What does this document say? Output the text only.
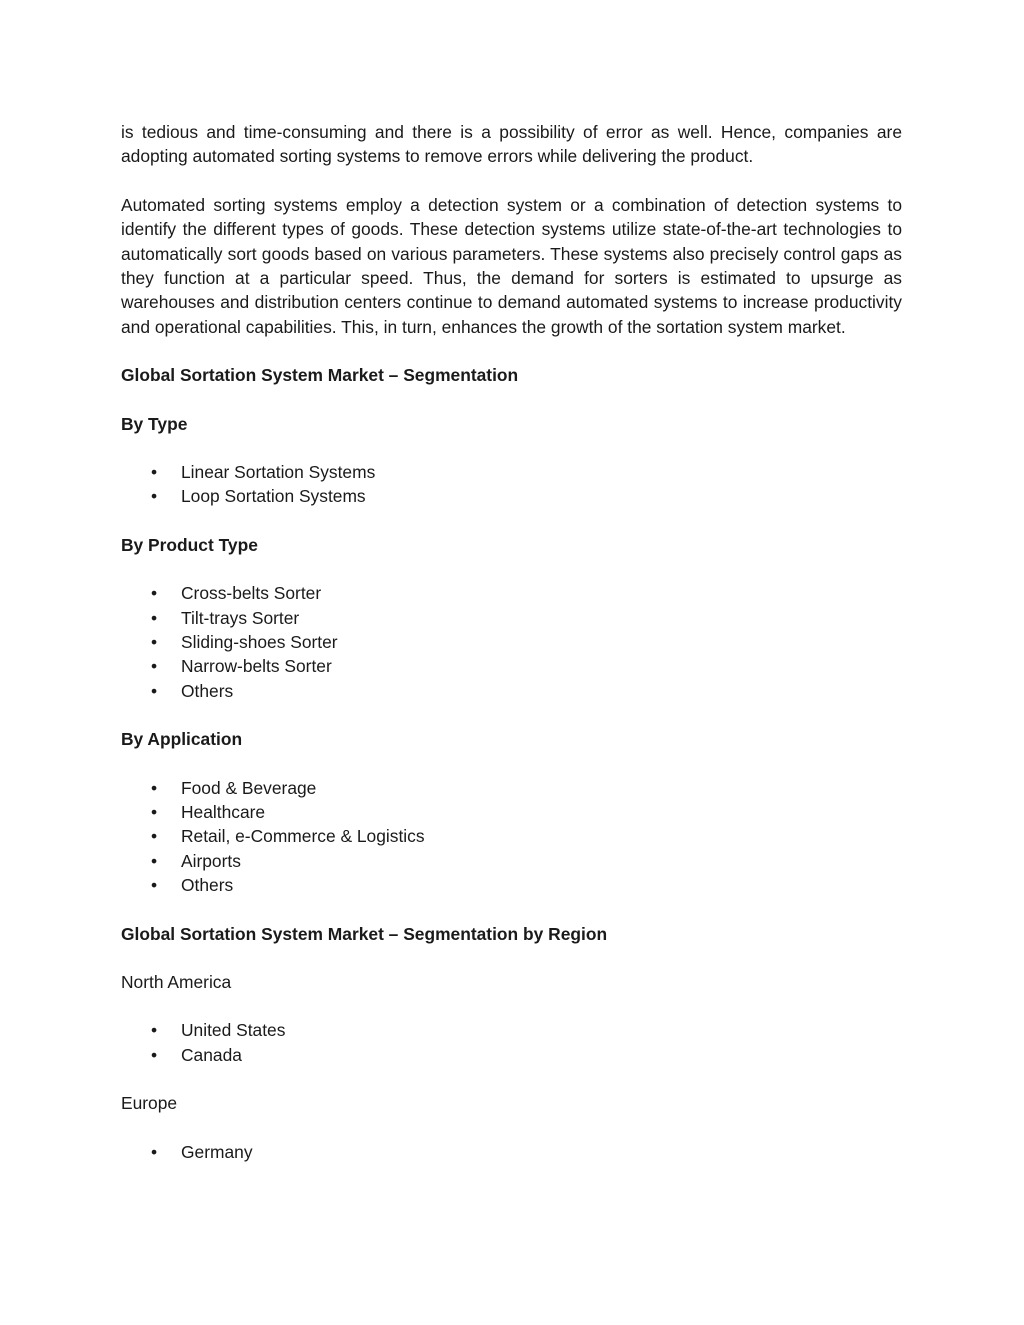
is tedious and time-consuming and there is a possibility of error as well. Hence, companies are adopting automated sorting systems to remove errors while delivering the product.

Automated sorting systems employ a detection system or a combination of detection systems to identify the different types of goods. These detection systems utilize state-of-the-art technologies to automatically sort goods based on various parameters. These systems also precisely control gaps as they function at a particular speed. Thus, the demand for sorters is estimated to upsurge as warehouses and distribution centers continue to demand automated systems to increase productivity and operational capabilities. This, in turn, enhances the growth of the sortation system market.

Global Sortation System Market – Segmentation

By Type

• Linear Sortation Systems
• Loop Sortation Systems

By Product Type

• Cross-belts Sorter
• Tilt-trays Sorter
• Sliding-shoes Sorter
• Narrow-belts Sorter
• Others

By Application

• Food & Beverage
• Healthcare
• Retail, e-Commerce & Logistics
• Airports
• Others

Global Sortation System Market – Segmentation by Region

North America

• United States
• Canada

Europe

• Germany
